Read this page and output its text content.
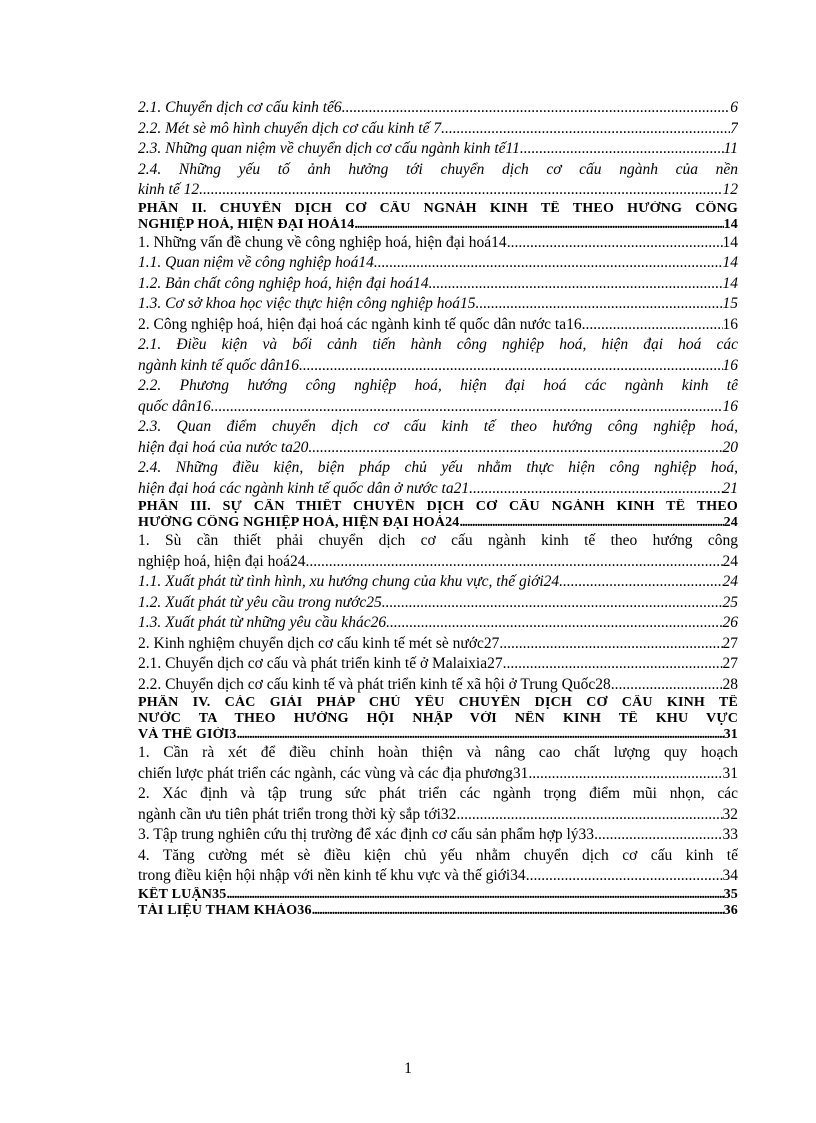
2.1. Chuyển dịch cơ cấu kinh tế6 .....	6
2.2. Mét sè mô hình chuyển dịch cơ cấu kinh tế 7 .....	7
2.3. Những quan niệm về chuyển dịch cơ cấu ngành kinh tế11 .....	11
2.4. Những yếu tố ảnh hưởng tới chuyển dịch cơ cấu ngành của nền
kinh tế 12 .....	12
PHẦN II. CHUYỂN DỊCH CƠ CẤU NGNÀH KINH TẾ THEO HƯỚNG CÔNG
NGHIỆP HOÁ, HIỆN ĐẠI HOÁ14 .....	14
1. Những vấn đề chung về công nghiệp hoá, hiện đại hoá14 .....	14
1.1. Quan niệm về công nghiệp hoá14 .....	14
1.2. Bản chất công nghiệp hoá, hiện đại hoá14 .....	14
1.3. Cơ sở khoa học việc thực hiện công nghiệp hoá15 .....	15
2. Công nghiệp hoá, hiện đại hoá các ngành kinh tế quốc dân nước ta16 .....	16
2.1. Điều kiện và bối cảnh tiến hành công nghiệp hoá, hiện đại hoá các
ngành kinh tế quốc dân16 .....	16
2.2. Phương hướng công nghiệp hoá, hiện đại hoá các ngành kinh tế
quốc dân16 .....	16
2.3. Quan điểm chuyển dịch cơ cấu kinh tế theo hướng công nghiệp hoá,
hiện đại hoá của nước ta20 .....	20
2.4. Những điều kiện, biện pháp chủ yếu nhằm thực hiện công nghiệp hoá,
hiện đại hoá các ngành kinh tế quốc dân ở nước ta21 .....	21
PHẦN III. SỰ CẦN THIẾT CHUYỂN DỊCH CƠ CẤU NGÀNH KINH TẾ THEO
HƯỚNG CÔNG NGHIỆP HOÁ, HIỆN ĐẠI HOÁ24 .....	24
1. Sù cần thiết phải chuyển dịch cơ cấu ngành kinh tế theo hướng công
nghiệp hoá, hiện đại hoá24 .....	24
1.1. Xuất phát từ tình hình, xu hướng chung của khu vực, thế giới24 .....	24
1.2. Xuất phát từ yêu cầu trong nước25 .....	25
1.3. Xuất phát từ những yêu cầu khác26 .....	26
2. Kinh nghiệm chuyển dịch cơ cấu kinh tế mét sè nước27 .....	27
2.1. Chuyển dịch cơ cấu và phát triển kinh tế ở Malaixia27 .....	27
2.2. Chuyển dịch cơ cấu kinh tế và phát triển kinh tế xã hội ở Trung Quốc28 .....	28
PHẦN IV. CÁC GIẢI PHÁP CHỦ YẾU CHUYỂN DỊCH CƠ CẤU KINH TẾ
NƯỚC TA THEO HƯỚNG HỘI NHẬP VỚI NỀN KINH TẾ KHU VỰC
VÀ THẾ GIỚI3 .....	31
1. Cần rà xét để điều chỉnh hoàn thiện và nâng cao chất lượng quy hoạch
chiến lược phát triển các ngành, các vùng và các địa phương31 .....	31
2. Xác định và tập trung sức phát triển các ngành trọng điểm mũi nhọn, các
ngành cần ưu tiên phát triển trong thời kỳ sắp tới32 .....	32
3. Tập trung nghiên cứu thị trường để xác định cơ cấu sản phẩm hợp lý33 .....	33
4. Tăng cường mét sè điều kiện chủ yếu nhằm chuyển dịch cơ cấu kinh tế
trong điều kiện hội nhập với nền kinh tế khu vực và thế giới34 .....	34
KẾT LUẬN35 .....	35
TÀI LIỆU THAM KHẢO36 .....	36
1
